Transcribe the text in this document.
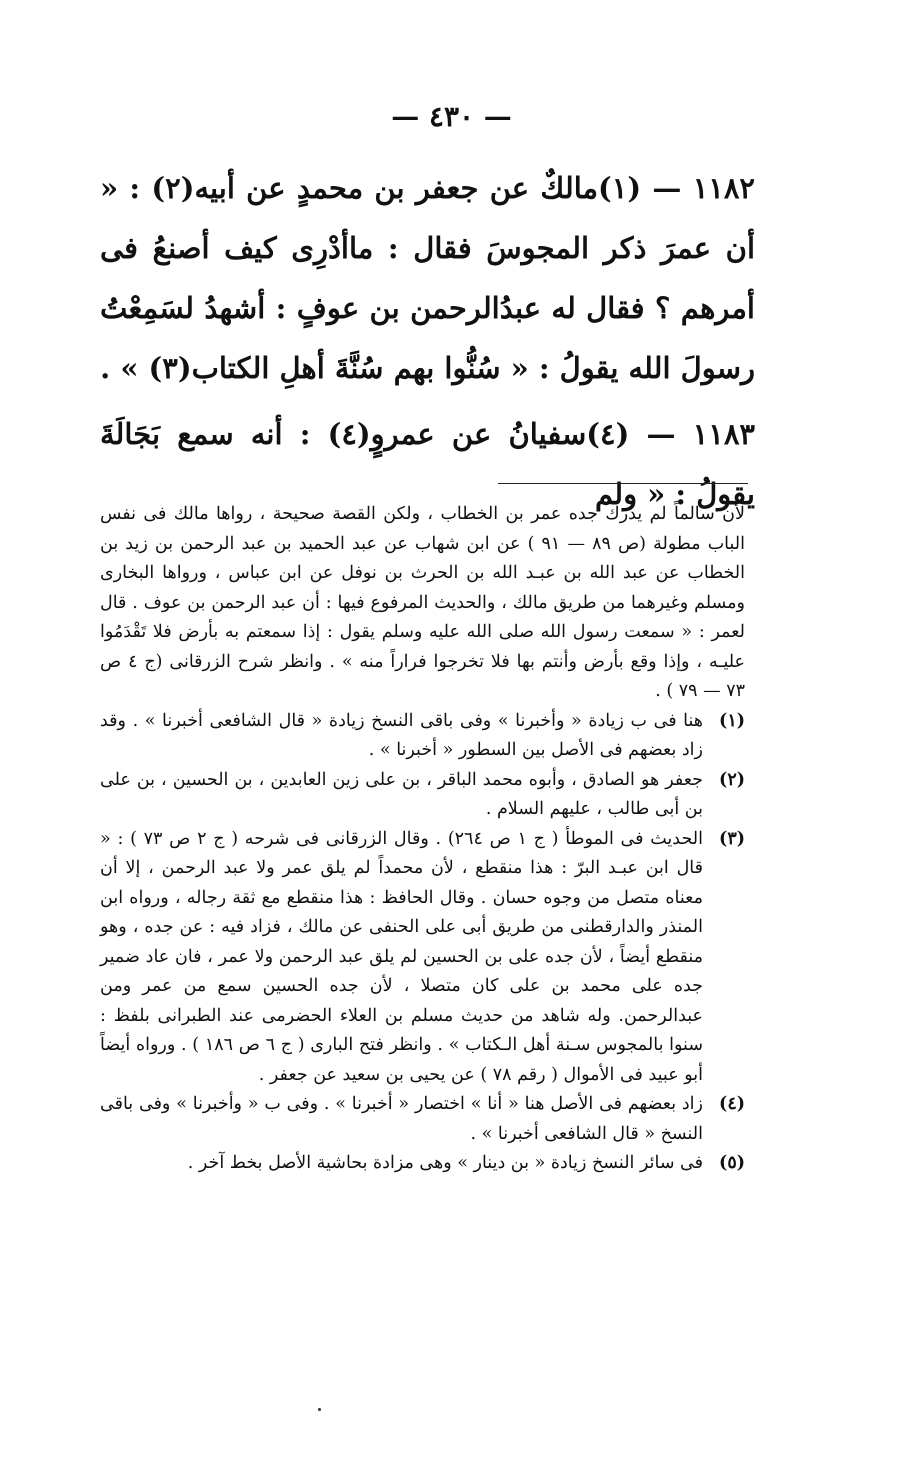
— ٤٣٠ —

١١٨٢ — (١)مالكٌ عن جعفر بن محمدٍ عن أبيه(٢) : « أن عمرَ ذكر المجوسَ فقال : ماأدْرِى كيف أصنعُ فى أمرهم ؟ فقال له عبدُالرحمن بن عوفٍ : أشهدُ لسَمِعْتُ رسولَ الله يقولُ : « سُنُّوا بهم سُنَّةَ أهلِ الكتاب(٣) » .

١١٨٣ — (٤)سفيانُ عن عمروٍ(٤) : أنه سمع بَجَالَةَ يقولُ : « ولم

لأن سالماً لم يدرك جده عمر بن الخطاب ، ولكن القصة صحيحة ، رواها مالك فى نفس الباب مطولة (ص ٨٩ — ٩١ ) عن ابن شهاب عن عبد الحميد بن عبد الرحمن بن زيد بن الخطاب عن عبد الله بن عبـد الله بن الحرث بن نوفل عن ابن عباس ، ورواها البخارى ومسلم وغيرهما من طريق مالك ، والحديث المرفوع فيها : أن عبد الرحمن بن عوف . قال لعمر : « سمعت رسول الله صلى الله عليه وسلم يقول : إذا سمعتم به بأرض فلا تَقْدَمُوا عليـه ، وإذا وقع بأرض وأنتم بها فلا تخرجوا فراراً منه » . وانظر شرح الزرقانى (ج ٤ ص ٧٣ — ٧٩ ) .

(١)
هنا فى ب زيادة « وأخبرنا » وفى باقى النسخ زيادة « قال الشافعى أخبرنا » . وقد زاد بعضهم فى الأصل بين السطور « أخبرنا » .
(٢)
جعفر هو الصادق ، وأبوه محمد الباقر ، بن على زين العابدين ، بن الحسين ، بن على بن أبى طالب ، عليهم السلام .
(٣)
الحديث فى الموطأ ( ج ١ ص ٢٦٤) . وقال الزرقانى فى شرحه ( ج ٢ ص ٧٣ ) : « قال ابن عبـد البرّ : هذا منقطع ، لأن محمداً لم يلق عمر ولا عبد الرحمن ، إلا أن معناه متصل من وجوه حسان . وقال الحافظ : هذا منقطع مع ثقة رجاله ، ورواه ابن المنذر والدارقطنى من طريق أبى على الحنفى عن مالك ، فزاد فيه : عن جده ، وهو منقطع أيضاً ، لأن جده على بن الحسين لم يلق عبد الرحمن ولا عمر ، فان عاد ضمير جده على محمد بن على كان متصلا ، لأن جده الحسين سمع من عمر ومن عبدالرحمن. وله شاهد من حديث مسلم بن العلاء الحضرمى عند الطبرانى بلفظ : سنوا بالمجوس سـنة أهل الـكتاب » . وانظر فتح البارى ( ج ٦ ص ١٨٦ ) . ورواه أيضاً أبو عبيد فى الأموال ( رقم ٧٨ ) عن يحيى بن سعيد عن جعفر .
(٤)
زاد بعضهم فى الأصل هنا « أنا » اختصار « أخبرنا » . وفى ب « وأخبرنا » وفى باقى النسخ « قال الشافعى أخبرنا » .
(٥)
فى سائر النسخ زيادة « بن دينار » وهى مزادة بحاشية الأصل بخط آخر .
